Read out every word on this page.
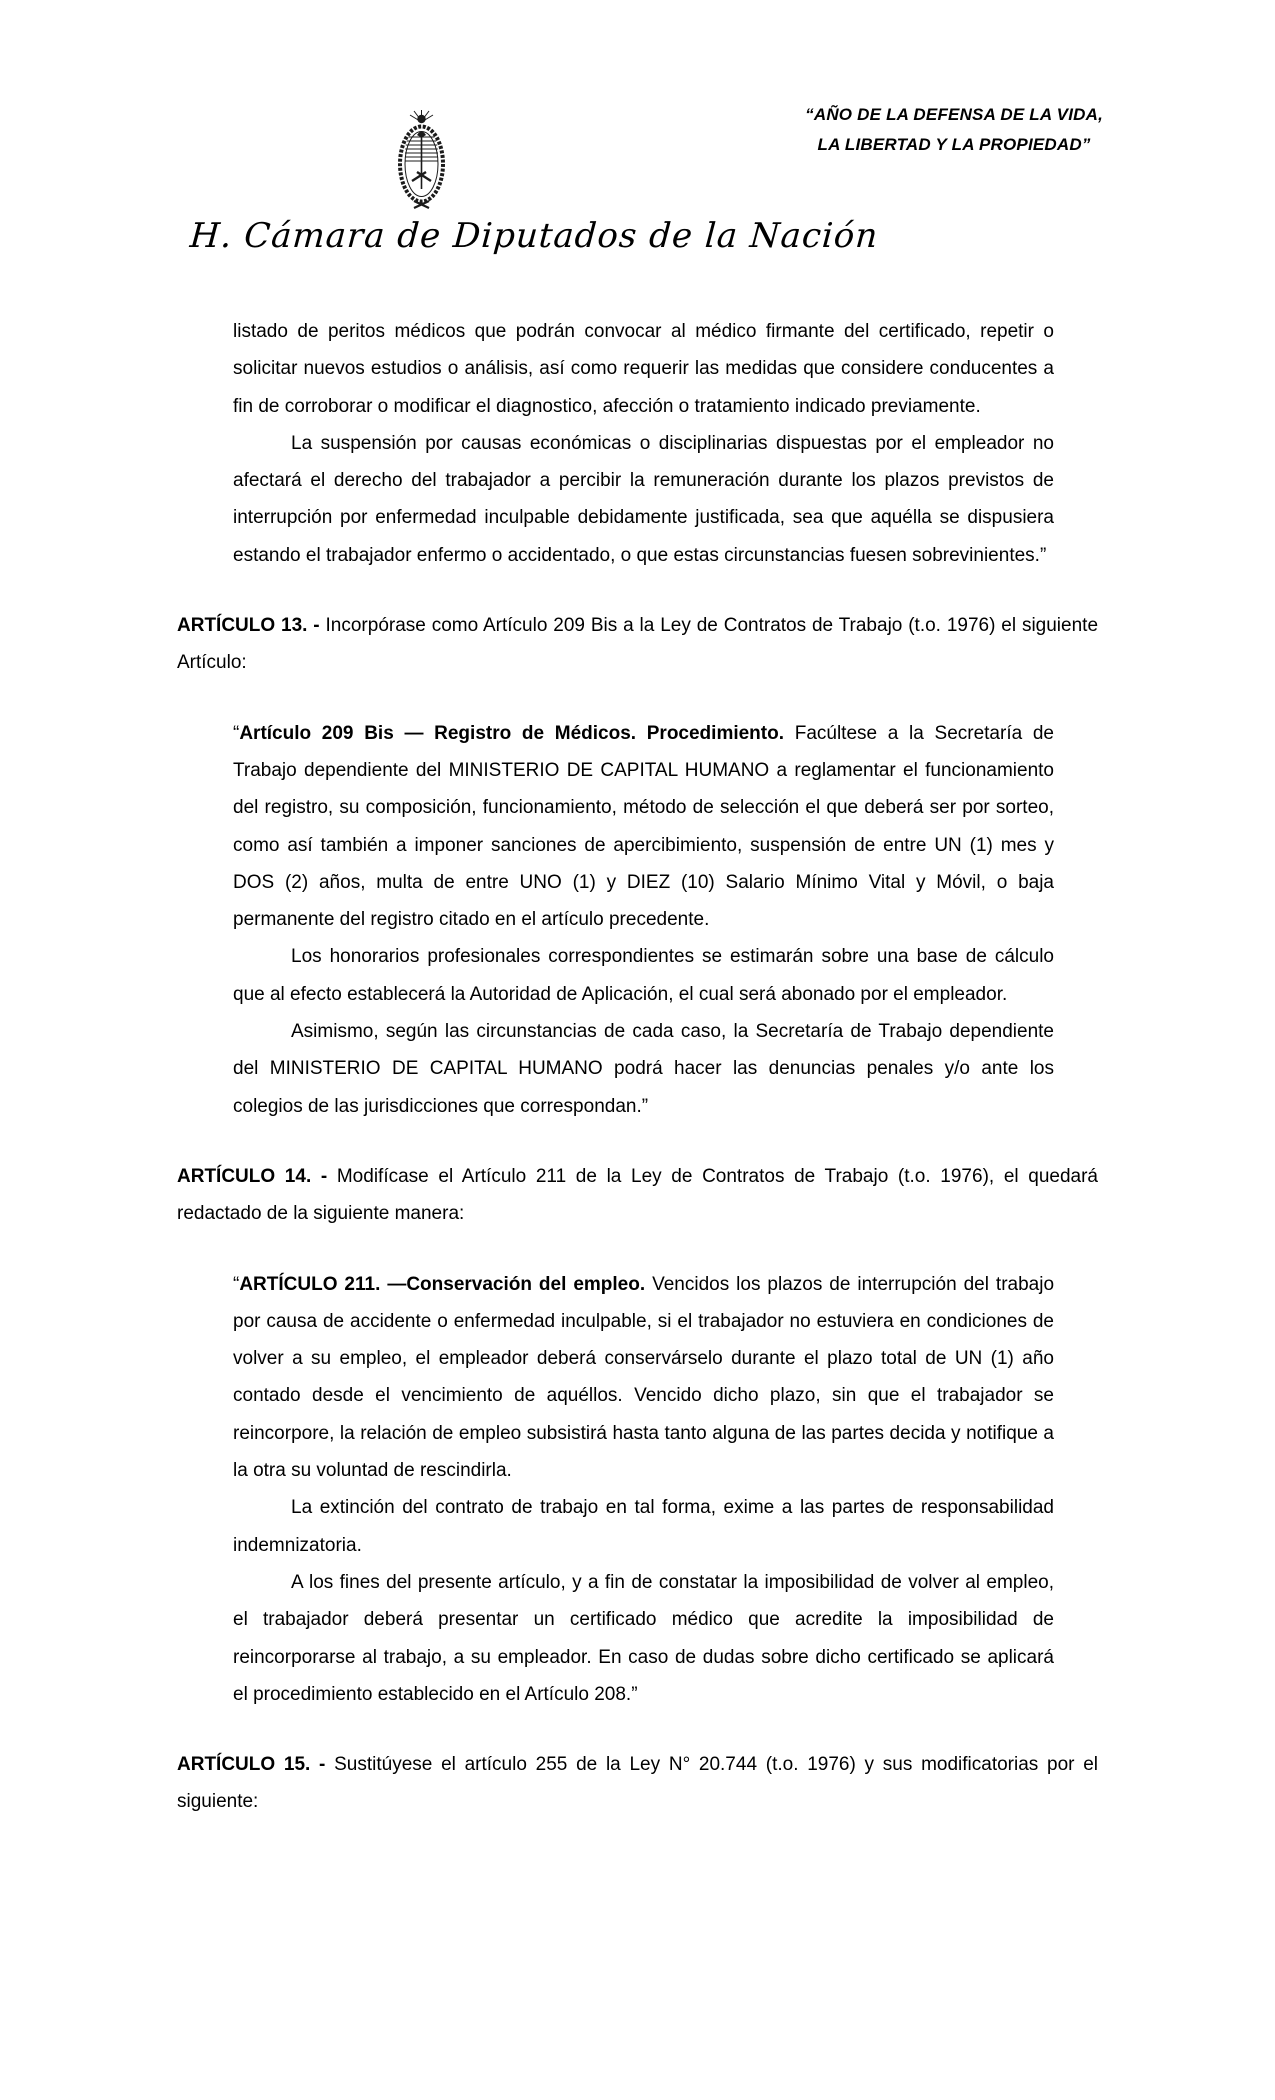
“AÑO DE LA DEFENSA DE LA VIDA,
LA LIBERTAD Y LA PROPIEDAD”
H. Cámara de Diputados de la Nación

listado de peritos médicos que podrán convocar al médico firmante del certificado, repetir o solicitar nuevos estudios o análisis, así como requerir las medidas que considere conducentes a fin de corroborar o modificar el diagnostico, afección o tratamiento indicado previamente.

La suspensión por causas económicas o disciplinarias dispuestas por el empleador no afectará el derecho del trabajador a percibir la remuneración durante los plazos previstos de interrupción por enfermedad inculpable debidamente justificada, sea que aquélla se dispusiera estando el trabajador enfermo o accidentado, o que estas circunstancias fuesen sobrevinientes.”

ARTÍCULO 13. - Incorpórase como Artículo 209 Bis a la Ley de Contratos de Trabajo (t.o. 1976) el siguiente Artículo:

“Artículo 209 Bis — Registro de Médicos. Procedimiento. Facúltese a la Secretaría de Trabajo dependiente del MINISTERIO DE CAPITAL HUMANO a reglamentar el funcionamiento del registro, su composición, funcionamiento, método de selección el que deberá ser por sorteo, como así también a imponer sanciones de apercibimiento, suspensión de entre UN (1) mes y DOS (2) años, multa de entre UNO (1) y DIEZ (10) Salario Mínimo Vital y Móvil, o baja permanente del registro citado en el artículo precedente.

Los honorarios profesionales correspondientes se estimarán sobre una base de cálculo que al efecto establecerá la Autoridad de Aplicación, el cual será abonado por el empleador.

Asimismo, según las circunstancias de cada caso, la Secretaría de Trabajo dependiente del MINISTERIO DE CAPITAL HUMANO podrá hacer las denuncias penales y/o ante los colegios de las jurisdicciones que correspondan.”

ARTÍCULO 14. - Modifícase el Artículo 211 de la Ley de Contratos de Trabajo (t.o. 1976), el quedará redactado de la siguiente manera:

“ARTÍCULO 211. —Conservación del empleo. Vencidos los plazos de interrupción del trabajo por causa de accidente o enfermedad inculpable, si el trabajador no estuviera en condiciones de volver a su empleo, el empleador deberá conservárselo durante el plazo total de UN (1) año contado desde el vencimiento de aquéllos. Vencido dicho plazo, sin que el trabajador se reincorpore, la relación de empleo subsistirá hasta tanto alguna de las partes decida y notifique a la otra su voluntad de rescindirla.

La extinción del contrato de trabajo en tal forma, exime a las partes de responsabilidad indemnizatoria.

A los fines del presente artículo, y a fin de constatar la imposibilidad de volver al empleo, el trabajador deberá presentar un certificado médico que acredite la imposibilidad de reincorporarse al trabajo, a su empleador. En caso de dudas sobre dicho certificado se aplicará el procedimiento establecido en el Artículo 208.”

ARTÍCULO 15. - Sustitúyese el artículo 255 de la Ley N° 20.744 (t.o. 1976) y sus modificatorias por el siguiente:
